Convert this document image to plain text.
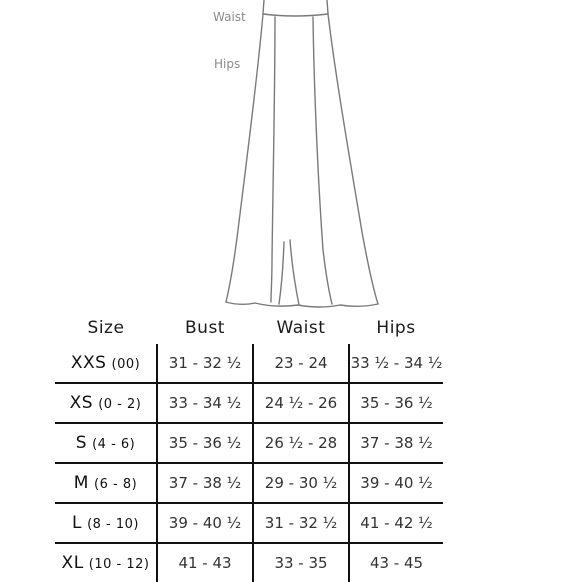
Waist
Hips
Size	Bust	Waist	Hips
XXS (00)	31 - 32 ½	23 - 24	33 ½ - 34 ½
XS (0 - 2)	33 - 34 ½	24 ½ - 26	35 - 36 ½
S (4 - 6)	35 - 36 ½	26 ½ - 28	37 - 38 ½
M (6 - 8)	37 - 38 ½	29 - 30 ½	39 - 40 ½
L (8 - 10)	39 - 40 ½	31 - 32 ½	41 - 42 ½
XL (10 - 12)	41 - 43	33 - 35	43 - 45
